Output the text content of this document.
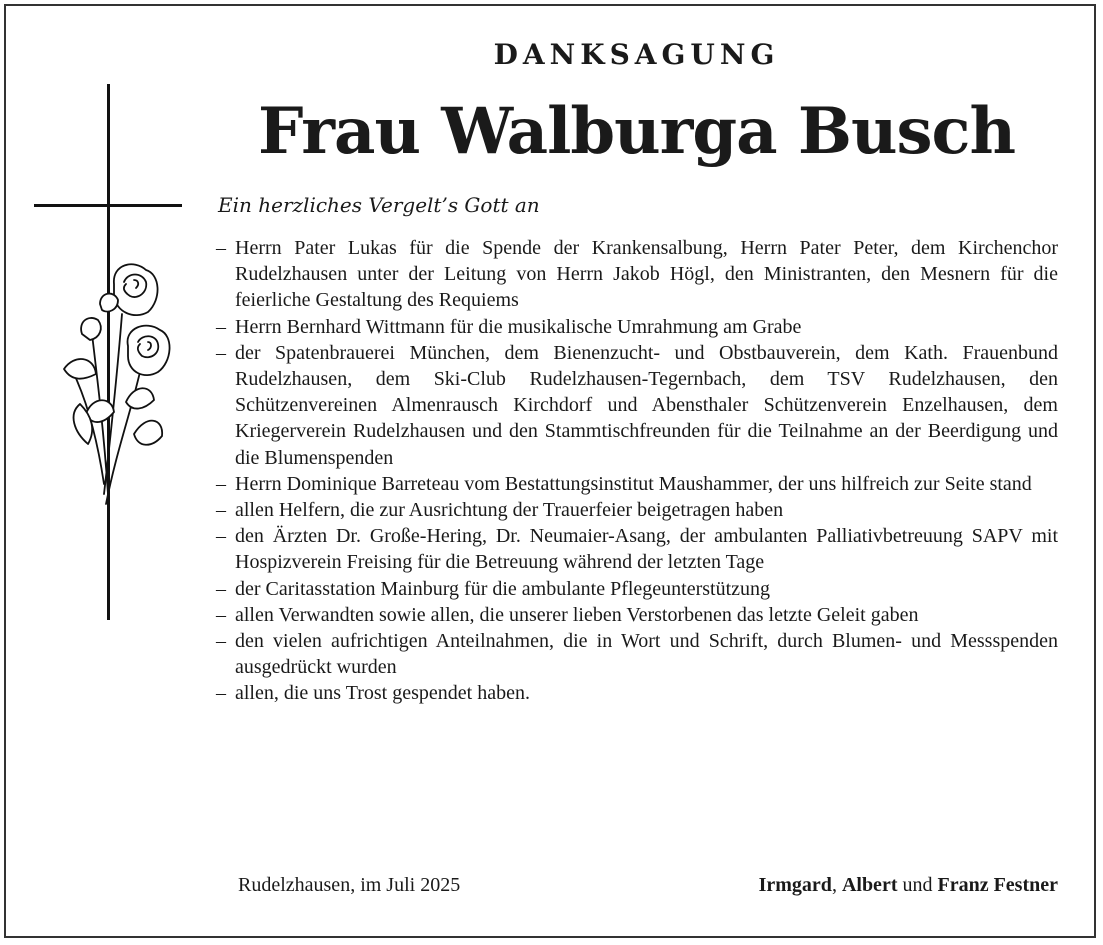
DANKSAGUNG
Frau Walburga Busch
Ein herzliches Vergelt’s Gott an
– Herrn Pater Lukas für die Spende der Krankensalbung, Herrn Pater Peter, dem Kirchenchor Rudelzhausen unter der Leitung von Herrn Jakob Högl, den Ministranten, den Mesnern für die feierliche Gestaltung des Requiems
– Herrn Bernhard Wittmann für die musikalische Umrahmung am Grabe
– der Spatenbrauerei München, dem Bienenzucht- und Obstbauverein, dem Kath. Frauenbund Rudelzhausen, dem Ski-Club Rudelzhausen-Tegernbach, dem TSV Rudelzhausen, den Schützenvereinen Almenrausch Kirchdorf und Abensthaler Schützenverein Enzelhausen, dem Kriegerverein Rudelzhausen und den Stammtischfreunden für die Teilnahme an der Beerdigung und die Blumenspenden
– Herrn Dominique Barreteau vom Bestattungsinstitut Maushammer, der uns hilfreich zur Seite stand
– allen Helfern, die zur Ausrichtung der Trauerfeier beigetragen haben
– den Ärzten Dr. Große-Hering, Dr. Neumaier-Asang, der ambulanten Palliativbetreuung SAPV mit Hospizverein Freising für die Betreuung während der letzten Tage
– der Caritasstation Mainburg für die ambulante Pflegeunterstützung
– allen Verwandten sowie allen, die unserer lieben Verstorbenen das letzte Geleit gaben
– den vielen aufrichtigen Anteilnahmen, die in Wort und Schrift, durch Blumen- und Messspenden ausgedrückt wurden
– allen, die uns Trost gespendet haben.
Rudelzhausen, im Juli 2025	Irmgard, Albert und Franz Festner
